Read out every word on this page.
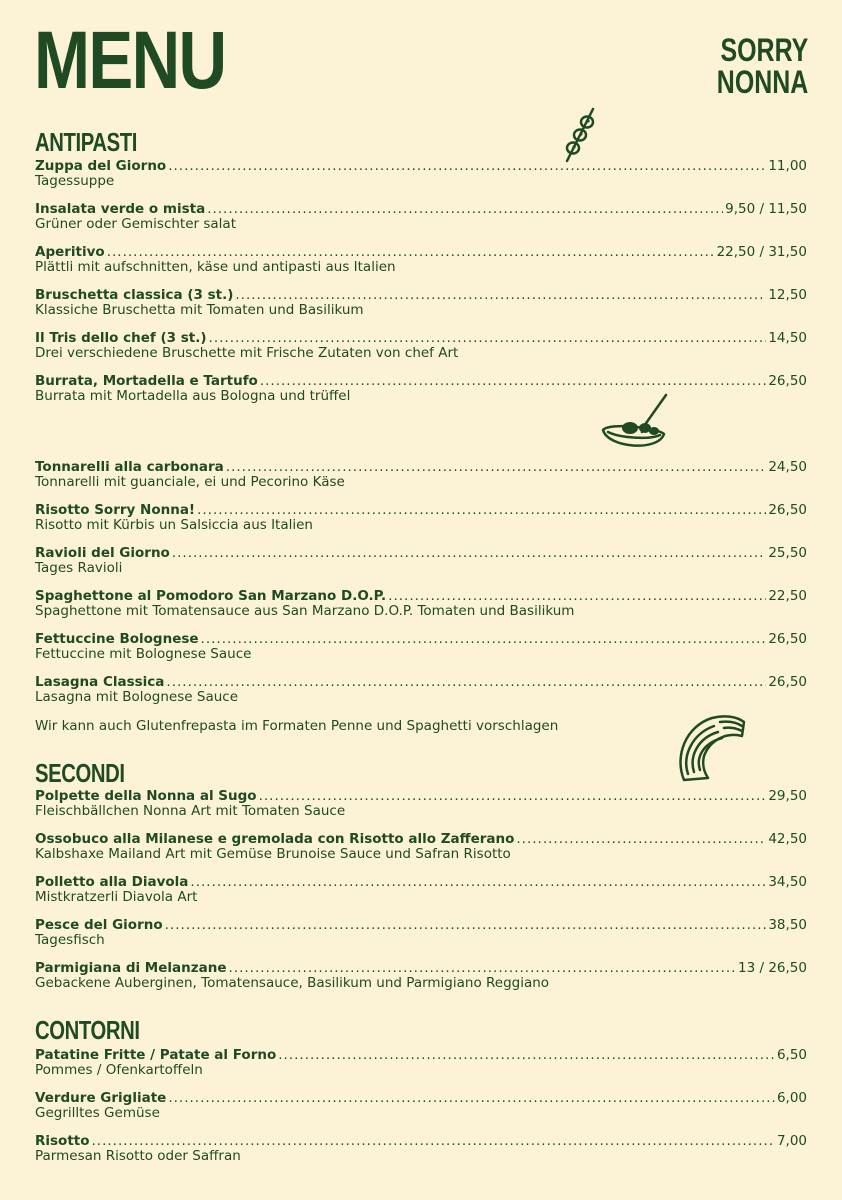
MENU	SORRY
NONNA
ANTIPASTI
Zuppa del Giorno .....	11,00
Tagessuppe
Insalata verde o mista .....	9,50 / 11,50
Grüner oder Gemischter salat
Aperitivo .....	22,50 / 31,50
Plättli mit aufschnitten, käse und antipasti aus Italien
Bruschetta classica (3 st.) .....	12,50
Klassiche Bruschetta mit Tomaten und Basilikum
Il Tris dello chef (3 st.) .....	14,50
Drei verschiedene Bruschette mit Frische Zutaten von chef Art
Burrata, Mortadella e Tartufo .....	26,50
Burrata mit Mortadella aus Bologna und trüffel
Tonnarelli alla carbonara .....	24,50
Tonnarelli mit guanciale, ei und Pecorino Käse
Risotto Sorry Nonna! .....	26,50
Risotto mit Kürbis un Salsiccia aus Italien
Ravioli del Giorno .....	25,50
Tages Ravioli
Spaghettone al Pomodoro San Marzano D.O.P. .....	22,50
Spaghettone mit Tomatensauce aus San Marzano D.O.P. Tomaten und Basilikum
Fettuccine Bolognese .....	26,50
Fettuccine mit Bolognese Sauce
Lasagna Classica .....	26,50
Lasagna mit Bolognese Sauce
Wir kann auch Glutenfrepasta im Formaten Penne und Spaghetti vorschlagen
SECONDI
Polpette della Nonna al Sugo .....	29,50
Fleischbällchen Nonna Art mit Tomaten Sauce
Ossobuco alla Milanese e gremolada con Risotto allo Zafferano .....	42,50
Kalbshaxe Mailand Art mit Gemüse Brunoise Sauce und Safran Risotto
Polletto alla Diavola .....	34,50
Mistkratzerli Diavola Art
Pesce del Giorno .....	38,50
Tagesfisch
Parmigiana di Melanzane .....	13 / 26,50
Gebackene Auberginen, Tomatensauce, Basilikum und Parmigiano Reggiano
CONTORNI
Patatine Fritte / Patate al Forno .....	6,50
Pommes / Ofenkartoffeln
Verdure Grigliate .....	6,00
Gegrilltes Gemüse
Risotto .....	7,00
Parmesan Risotto oder Saffran
